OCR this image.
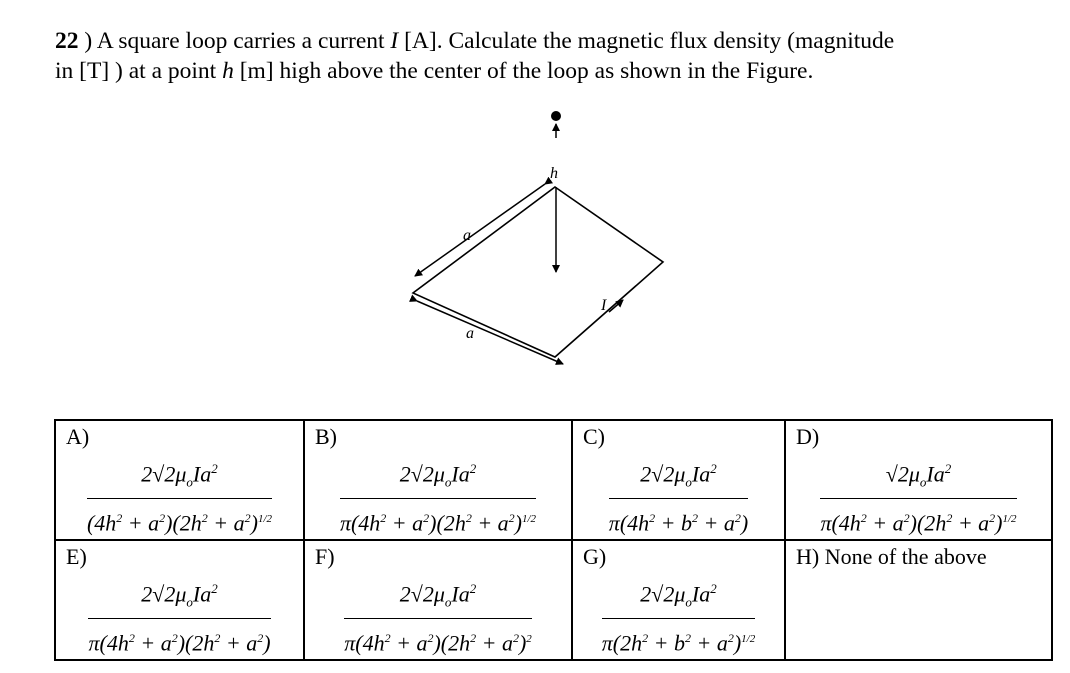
22 ) A square loop carries a current I [A]. Calculate the magnetic flux density (magnitude
in [T] ) at a point h [m] high above the center of the loop as shown in the Figure.
h
a
a
I
A)
$2√2\mu_oIa^2$
$(4h^2 + a^2)(2h^2 + a^2)^{1/2}$	B)
$2√2\mu_oIa^2$
$\pi(4h^2 + a^2)(2h^2 + a^2)^{1/2}$	C)
$2√2\mu_oIa^2$
$\pi(4h^2 + b^2 + a^2)$	D)
$√2\mu_oIa^2$
$\pi(4h^2 + a^2)(2h^2 + a^2)^{1/2}$

E)
$2√2\mu_oIa^2$
$\pi(4h^2 + a^2)(2h^2 + a^2)$	F)
$2√2\mu_oIa^2$
$\pi(4h^2 + a^2)(2h^2 + a^2)^2$	G)
$2√2\mu_oIa^2$
$\pi(2h^2 + b^2 + a^2)^{1/2}$	H) None of the above
